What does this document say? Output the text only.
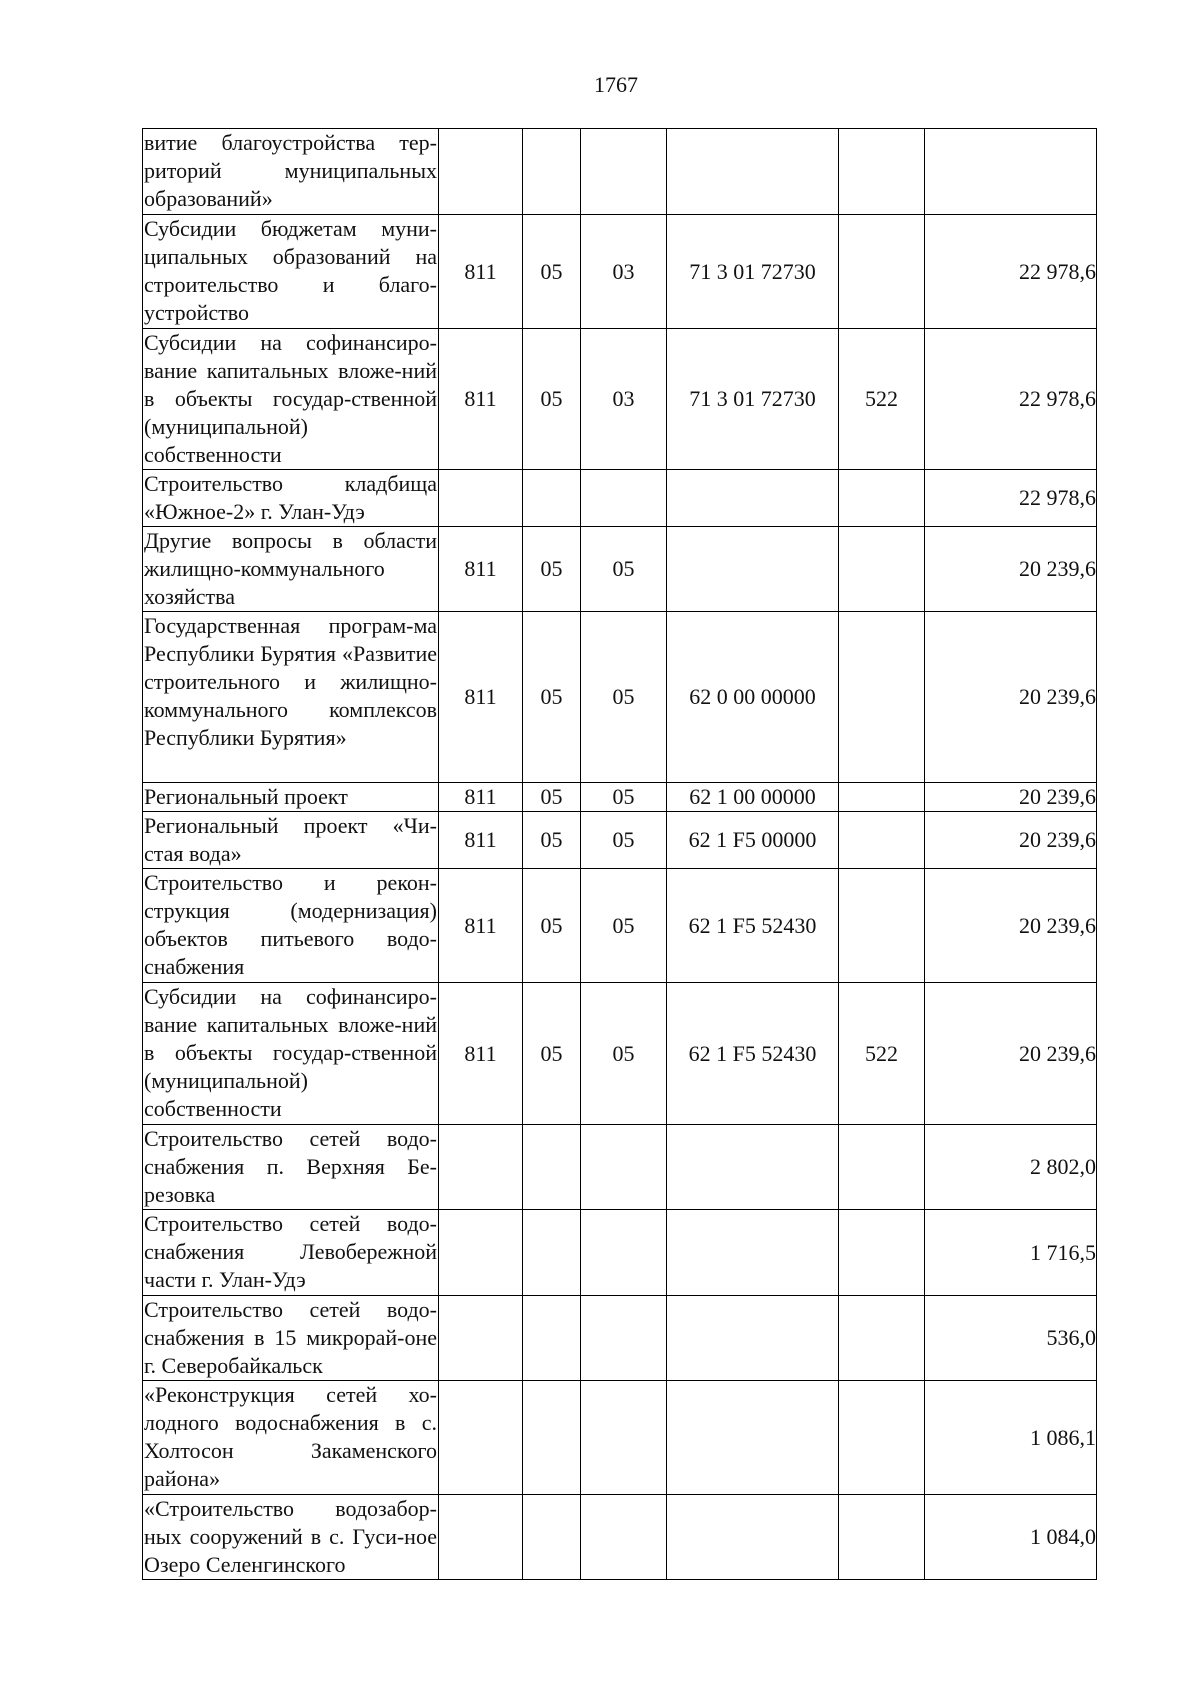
1767
витие благоустройства тер-риторий муниципальных образований»						
Субсидии бюджетам муни-ципальных образований на строительство и благо-устройство	811	05	03	71 3 01 72730		22 978,6
Субсидии на софинансиро-вание капитальных вложе-ний в объекты государ-ственной (муниципальной) собственности	811	05	03	71 3 01 72730	522	22 978,6
Строительство кладбища «Южное-2» г. Улан-Удэ						22 978,6
Другие вопросы в области жилищно-коммунального хозяйства	811	05	05			20 239,6
Государственная програм-ма Республики Бурятия «Развитие строительного и жилищно-коммунального комплексов Республики Бурятия»	811	05	05	62 0 00 00000		20 239,6
Региональный проект	811	05	05	62 1 00 00000		20 239,6
Региональный проект «Чи-стая вода»	811	05	05	62 1 F5 00000		20 239,6
Строительство и рекон-струкция (модернизация) объектов питьевого водо-снабжения	811	05	05	62 1 F5 52430		20 239,6
Субсидии на софинансиро-вание капитальных вложе-ний в объекты государ-ственной (муниципальной) собственности	811	05	05	62 1 F5 52430	522	20 239,6
Строительство сетей водо-снабжения п. Верхняя Бе-резовка						2 802,0
Строительство сетей водо-снабжения Левобережной части г. Улан-Удэ						1 716,5
Строительство сетей водо-снабжения в 15 микрорай-оне г. Северобайкальск						536,0
«Реконструкция сетей хо-лодного водоснабжения в с. Холтосон Закаменского района»						1 086,1
«Строительство водозабор-ных сооружений в с. Гуси-ное Озеро Селенгинского						1 084,0
